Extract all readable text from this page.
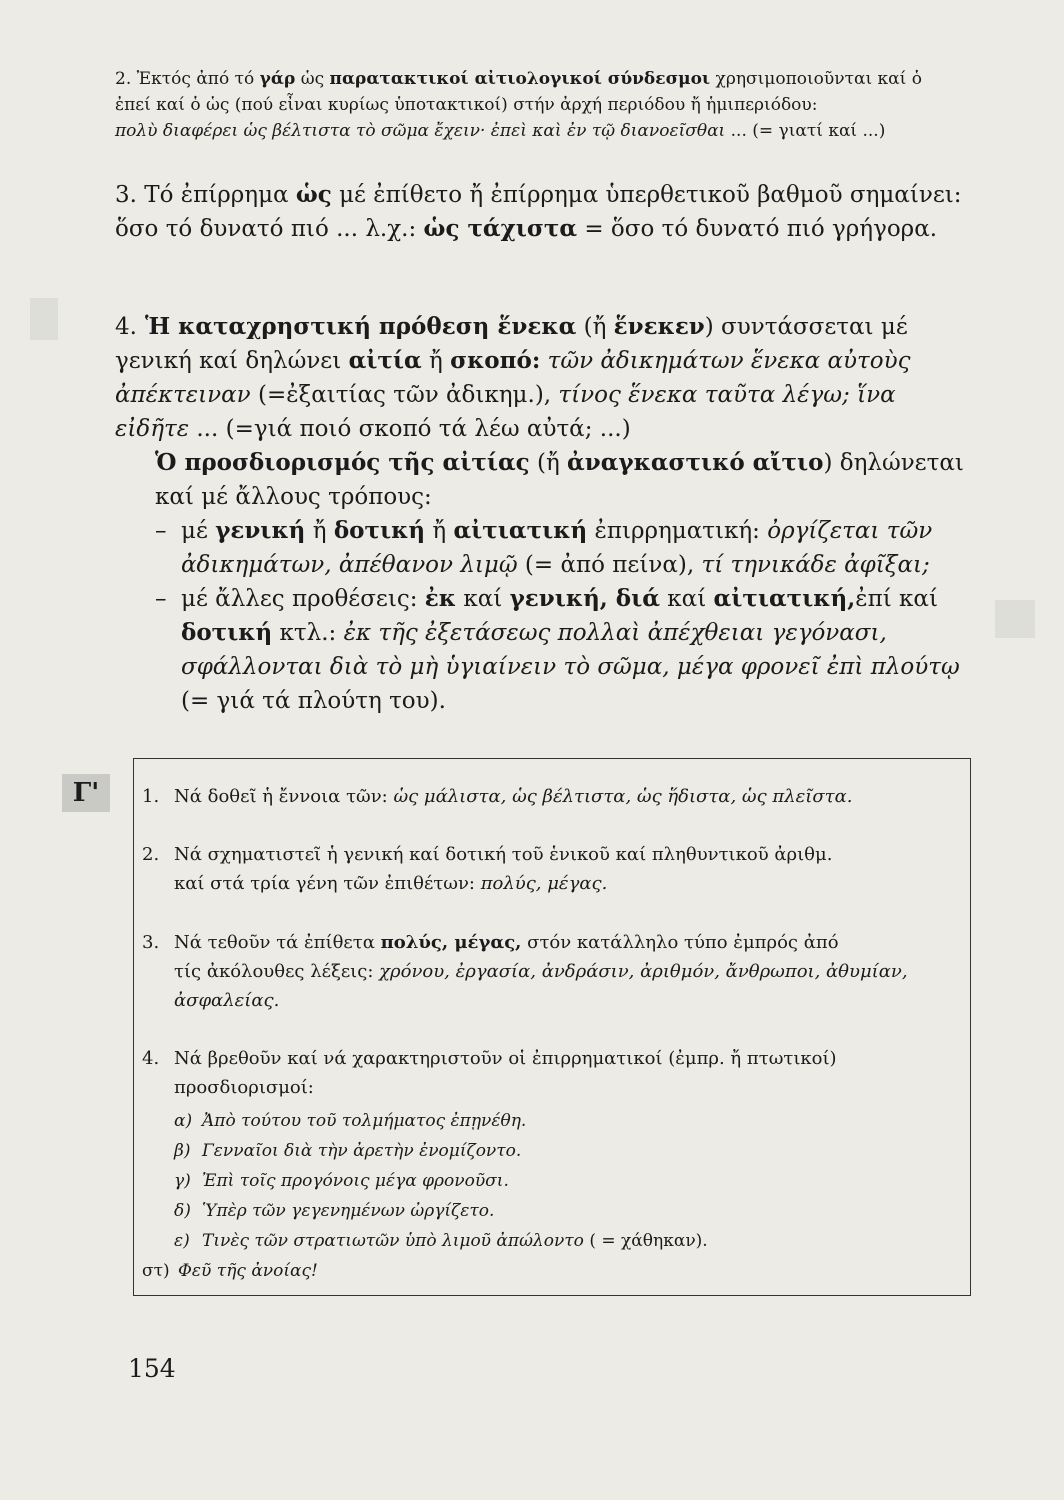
2. Ἐκτός ἀπό τό γάρ ὡς παρατακτικοί αἰτιολογικοί σύνδεσμοι χρησιμοποιοῦνται καί ὁ
ἐπεί καί ὁ ὡς (πού εἶναι κυρίως ὑποτακτικοί) στήν ἀρχή περιόδου ἤ ἡμιπεριόδου:
πολὺ διαφέρει ὡς βέλτιστα τὸ σῶμα ἔχειν· ἐπεὶ καὶ ἐν τῷ διανοεῖσθαι ... (= γιατί καί ...)
3. Τό ἐπίρρημα ὡς μέ ἐπίθετο ἤ ἐπίρρημα ὑπερθετικοῦ βαθμοῦ σημαίνει: ὅσο τό δυνατό πιό ... λ.χ.: ὡς τάχιστα = ὅσο τό δυνατό πιό γρήγορα.
4. Ἡ καταχρηστική πρόθεση ἕνεκα (ἤ ἕνεκεν) συντάσσεται μέ γενική καί δηλώνει αἰτία ἤ σκοπό: τῶν ἀδικημάτων ἕνεκα αὐτοὺς ἀπέκτειναν (=ἐξαιτίας τῶν ἀδικημ.), τίνος ἕνεκα ταῦτα λέγω; ἵνα εἰδῆτε ... (=γιά ποιό σκοπό τά λέω αὐτά; ...)
Ὁ προσδιορισμός τῆς αἰτίας (ἤ ἀναγκαστικό αἴτιο) δηλώνεται καί μέ ἄλλους τρόπους:
– μέ γενική ἤ δοτική ἤ αἰτιατική ἐπιρρηματική: ὀργίζεται τῶν ἀδικημάτων, ἀπέθανον λιμῷ (= ἀπό πείνα), τί τηνικάδε ἀφῖξαι;
– μέ ἄλλες προθέσεις: ἐκ καί γενική, διά καί αἰτιατική,ἐπί καί δοτική κτλ.: ἐκ τῆς ἐξετάσεως πολλαὶ ἀπέχθειαι γεγόνασι, σφάλλονται διὰ τὸ μὴ ὑγιαίνειν τὸ σῶμα, μέγα φρονεῖ ἐπὶ πλούτῳ (= γιά τά πλούτη του).
Γ'	1. Νά δοθεῖ ἡ ἔννοια τῶν: ὡς μάλιστα, ὡς βέλτιστα, ὡς ἥδιστα, ὡς πλεῖστα.
2. Νά σχηματιστεῖ ἡ γενική καί δοτική τοῦ ἑνικοῦ καί πληθυντικοῦ ἀριθμ.
καί στά τρία γένη τῶν ἐπιθέτων: πολύς, μέγας.
3. Νά τεθοῦν τά ἐπίθετα πολύς, μέγας, στόν κατάλληλο τύπο ἐμπρός ἀπό
τίς ἀκόλουθες λέξεις: χρόνου, ἐργασία, ἀνδράσιν, ἀριθμόν, ἄνθρωποι, ἀθυμίαν, ἀσφαλείας.
4. Νά βρεθοῦν καί νά χαρακτηριστοῦν οἱ ἐπιρρηματικοί (ἐμπρ. ἤ πτωτικοί) προσδιορισμοί:
α) Ἀπὸ τούτου τοῦ τολμήματος ἐπῃνέθη.
β) Γενναῖοι διὰ τὴν ἀρετὴν ἐνομίζοντο.
γ) Ἐπὶ τοῖς προγόνοις μέγα φρονοῦσι.
δ) Ὑπὲρ τῶν γεγενημένων ὠργίζετο.
ε) Τινὲς τῶν στρατιωτῶν ὑπὸ λιμοῦ ἀπώλοντο ( = χάθηκαν).
στ) Φεῦ τῆς ἀνοίας!
154
